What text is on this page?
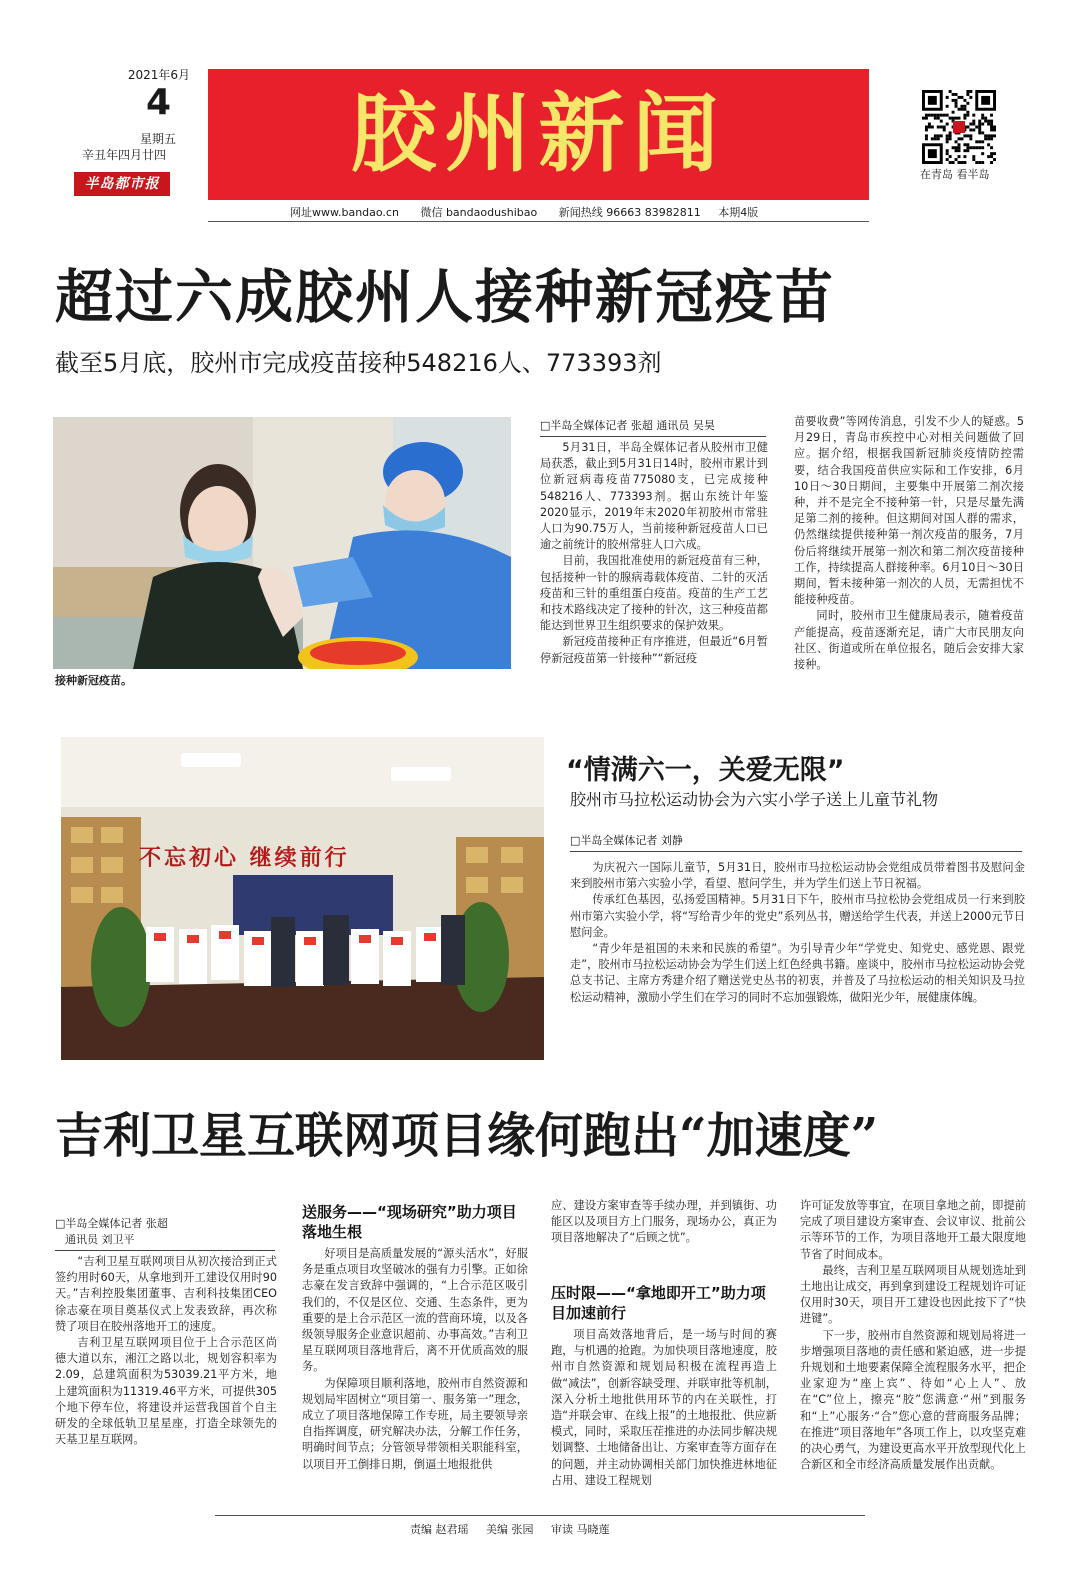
2021年6月
4
星期五
辛丑年四月廿四
半岛都市报	胶州新闻	在青岛 看半岛
网址www.bandao.cn 微信 bandaodushibao 新闻热线 96663 83982811 本期4版
超过六成胶州人接种新冠疫苗
截至5月底，胶州市完成疫苗接种548216人、773393剂
接种新冠疫苗。
□半岛全媒体记者 张超 通讯员 吴昊

5月31日，半岛全媒体记者从胶州市卫健局获悉，截止到5月31日14时，胶州市累计到位新冠病毒疫苗775080支，已完成接种548216人、773393剂。据山东统计年鉴2020显示，2019年末2020年初胶州市常驻人口为90.75万人，当前接种新冠疫苗人口已逾之前统计的胶州常驻人口六成。

目前，我国批准使用的新冠疫苗有三种，包括接种一针的腺病毒载体疫苗、二针的灭活疫苗和三针的重组蛋白疫苗。疫苗的生产工艺和技术路线决定了接种的针次，这三种疫苗都能达到世界卫生组织要求的保护效果。

新冠疫苗接种正有序推进，但最近“6月暂停新冠疫苗第一针接种”“新冠疫

苗要收费”等网传消息，引发不少人的疑惑。5月29日，青岛市疾控中心对相关问题做了回应。据介绍，根据我国新冠肺炎疫情防控需要，结合我国疫苗供应实际和工作安排，6月10日～30日期间，主要集中开展第二剂次接种，并不是完全不接种第一针，只是尽量先满足第二剂的接种。但这期间对国人群的需求，仍然继续提供接种第一剂次疫苗的服务，7月份后将继续开展第一剂次和第二剂次疫苗接种工作，持续提高人群接种率。6月10日～30日期间，暂未接种第一剂次的人员，无需担忧不能接种疫苗。

同时，胶州市卫生健康局表示，随着疫苗产能提高，疫苗逐渐充足，请广大市民朋友向社区、街道或所在单位报名，随后会安排大家接种。

不忘初心 继续前行
“情满六一，关爱无限”
胶州市马拉松运动协会为六实小学子送上儿童节礼物
□半岛全媒体记者 刘静

为庆祝六一国际儿童节，5月31日，胶州市马拉松运动协会党组成员带着图书及慰问金来到胶州市第六实验小学，看望、慰问学生，并为学生们送上节日祝福。

传承红色基因，弘扬爱国精神。5月31日下午，胶州市马拉松协会党组成员一行来到胶州市第六实验小学，将“写给青少年的党史”系列丛书，赠送给学生代表，并送上2000元节日慰问金。

“青少年是祖国的未来和民族的希望”。为引导青少年“学党史、知党史、感党恩、跟党走”，胶州市马拉松运动协会为学生们送上红色经典书籍。座谈中，胶州市马拉松运动协会党总支书记、主席方秀建介绍了赠送党史丛书的初衷，并普及了马拉松运动的相关知识及马拉松运动精神，激励小学生们在学习的同时不忘加强锻炼，做阳光少年，展健康体魄。

吉利卫星互联网项目缘何跑出“加速度”
□半岛全媒体记者 张超
通讯员 刘卫平

“吉利卫星互联网项目从初次接洽到正式签约用时60天，从拿地到开工建设仅用时90天。”吉利控股集团董事、吉利科技集团CEO徐志豪在项目奠基仪式上发表致辞，再次称赞了项目在胶州落地开工的速度。

吉利卫星互联网项目位于上合示范区尚德大道以东，湘江之路以北，规划容积率为2.09，总建筑面积为53039.21平方米，地上建筑面积为11319.46平方米，可提供305个地下停车位，将建设并运营我国首个自主研发的全球低轨卫星星座，打造全球领先的天基卫星互联网。

送服务——“现场研究”助力项目落地生根

好项目是高质量发展的“源头活水”，好服务是重点项目攻坚破冰的强有力引擎。正如徐志豪在发言致辞中强调的，“上合示范区吸引我们的，不仅是区位、交通、生态条件，更为重要的是上合示范区一流的营商环境，以及各级领导服务企业意识超前、办事高效。”吉利卫星互联网项目落地背后，离不开优质高效的服务。

为保障项目顺利落地，胶州市自然资源和规划局牢固树立“项目第一、服务第一”理念，成立了项目落地保障工作专班，局主要领导亲自指挥调度，研究解决办法，分解工作任务，明确时间节点；分管领导带领相关职能科室，以项目开工倒排日期，倒逼土地报批供

应、建设方案审查等手续办理，并到镇街、功能区以及项目方上门服务，现场办公，真正为项目落地解决了“后顾之忧”。

压时限——“拿地即开工”助力项目加速前行

项目高效落地背后，是一场与时间的赛跑，与机遇的抢跑。为加快项目落地速度，胶州市自然资源和规划局积极在流程再造上做“减法”，创新容缺受理、并联审批等机制，深入分析土地批供用环节的内在关联性，打造“并联会审、在线上报”的土地报批、供应新模式，同时，采取压茬推进的办法同步解决规划调整、土地储备出让、方案审查等方面存在的问题，并主动协调相关部门加快推进林地征占用、建设工程规划

许可证发放等事宜，在项目拿地之前，即提前完成了项目建设方案审查、会议审议、批前公示等环节的工作，为项目落地开工最大限度地节省了时间成本。

最终，吉利卫星互联网项目从规划选址到土地出让成交，再到拿到建设工程规划许可证仅用时30天，项目开工建设也因此按下了“快进键”。

下一步，胶州市自然资源和规划局将进一步增强项目落地的责任感和紧迫感，进一步提升规划和土地要素保障全流程服务水平，把企业家迎为“座上宾”、待如“心上人”、放在“C”位上，擦亮“胶”您满意·“州”到服务和“上”心服务·“合”您心意的营商服务品牌；在推进“项目落地年”各项工作上，以攻坚克难的决心勇气，为建设更高水平开放型现代化上合新区和全市经济高质量发展作出贡献。

责编 赵君瑶 美编 张园 审读 马晓莲
